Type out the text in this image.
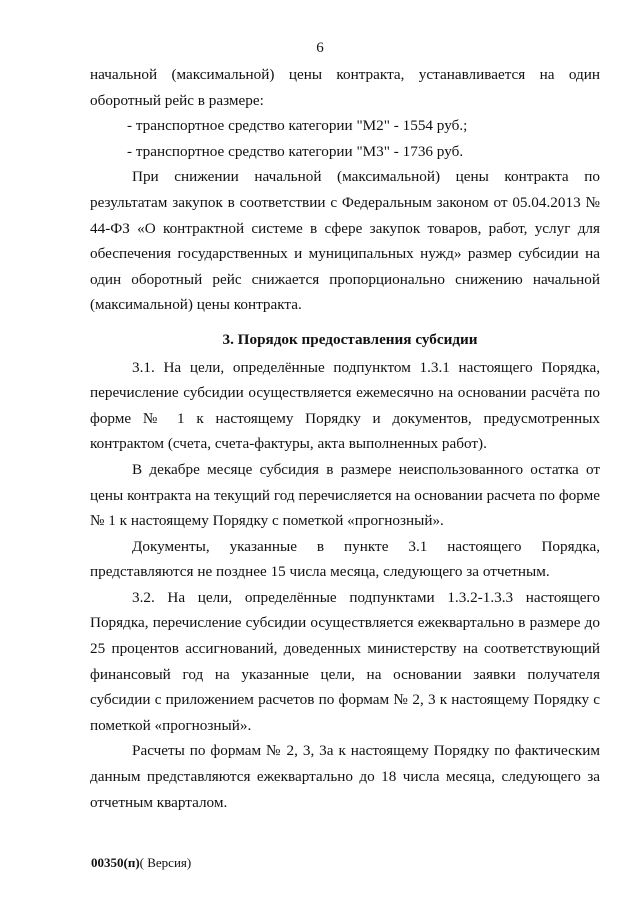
6

начальной (максимальной) цены контракта, устанавливается на один оборотный рейс в размере:

- транспортное средство категории "М2" - 1554 руб.;

- транспортное средство категории "М3" - 1736 руб.

При снижении начальной (максимальной) цены контракта по результатам закупок в соответствии с Федеральным законом от 05.04.2013 № 44-ФЗ «О контрактной системе в сфере закупок товаров, работ, услуг для обеспечения государственных и муниципальных нужд» размер субсидии на один оборотный рейс снижается пропорционально снижению начальной (максимальной) цены контракта.

3. Порядок предоставления субсидии

3.1. На цели, определённые подпунктом 1.3.1 настоящего Порядка, перечисление субсидии осуществляется ежемесячно на основании расчёта по форме № 1 к настоящему Порядку и документов, предусмотренных контрактом (счета, счета-фактуры, акта выполненных работ).

В декабре месяце субсидия в размере неиспользованного остатка от цены контракта на текущий год перечисляется на основании расчета по форме № 1 к настоящему Порядку с пометкой «прогнозный».

Документы, указанные в пункте 3.1 настоящего Порядка, представляются не позднее 15 числа месяца, следующего за отчетным.

3.2. На цели, определённые подпунктами 1.3.2-1.3.3 настоящего Порядка, перечисление субсидии осуществляется ежеквартально в размере до 25 процентов ассигнований, доведенных министерству на соответствующий финансовый год на указанные цели, на основании заявки получателя субсидии с приложением расчетов по формам № 2, 3 к настоящему Порядку с пометкой «прогнозный».

Расчеты по формам № 2, 3, 3а к настоящему Порядку по фактическим данным представляются ежеквартально до 18 числа месяца, следующего за отчетным кварталом.

00350(п)( Версия)
